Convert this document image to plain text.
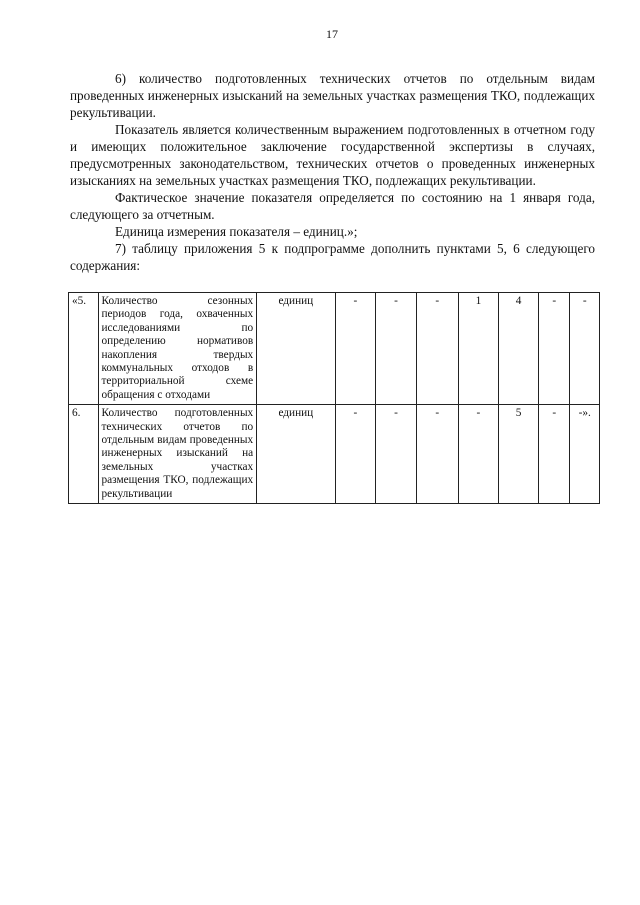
17

6) количество подготовленных технических отчетов по отдельным видам проведенных инженерных изысканий на земельных участках размещения ТКО, подлежащих рекультивации.

Показатель является количественным выражением подготовленных в отчетном году и имеющих положительное заключение государственной экспертизы в случаях, предусмотренных законодательством, технических отчетов о проведенных инженерных изысканиях на земельных участках размещения ТКО, подлежащих рекультивации.

Фактическое значение показателя определяется по состоянию на 1 января года, следующего за отчетным.

Единица измерения показателя – единиц.»;

7) таблицу приложения 5 к подпрограмме дополнить пунктами 5, 6 следующего содержания:

«5.	Количество сезонных периодов года, охваченных исследованиями по определению нормативов накопления твердых коммунальных отходов в территориальной схеме обращения с отходами	единиц	-	-	-	1	4	-	-
6.	Количество подготовленных технических отчетов по отдельным видам проведенных инженерных изысканий на земельных участках размещения ТКО, подлежащих рекультивации	единиц	-	-	-	-	5	-	-».
